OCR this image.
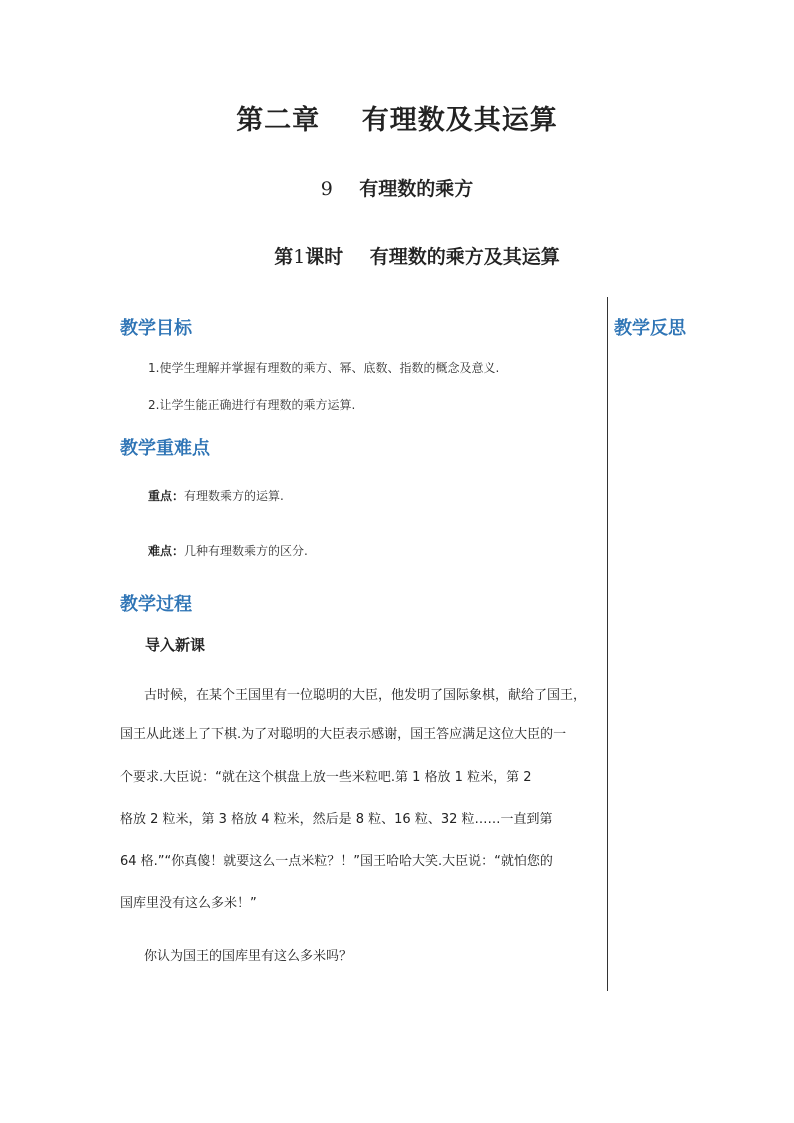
第二章    有理数及其运算
9 有理数的乘方
第1课时 有理数的乘方及其运算
教学反思
教学目标
1.使学生理解并掌握有理数的乘方、幂、底数、指数的概念及意义.
2.让学生能正确进行有理数的乘方运算.
教学重难点
重点：有理数乘方的运算.
难点：几种有理数乘方的区分.
教学过程
导入新课
古时候，在某个王国里有一位聪明的大臣，他发明了国际象棋，献给了国王，
国王从此迷上了下棋.为了对聪明的大臣表示感谢，国王答应满足这位大臣的一
个要求.大臣说：“就在这个棋盘上放一些米粒吧.第 1 格放 1 粒米，第 2
格放 2 粒米，第 3 格放 4 粒米，然后是 8 粒、16 粒、32 粒……一直到第
64 格.”“你真傻！就要这么一点米粒？！”国王哈哈大笑.大臣说：“就怕您的
国库里没有这么多米！”
你认为国王的国库里有这么多米吗？
